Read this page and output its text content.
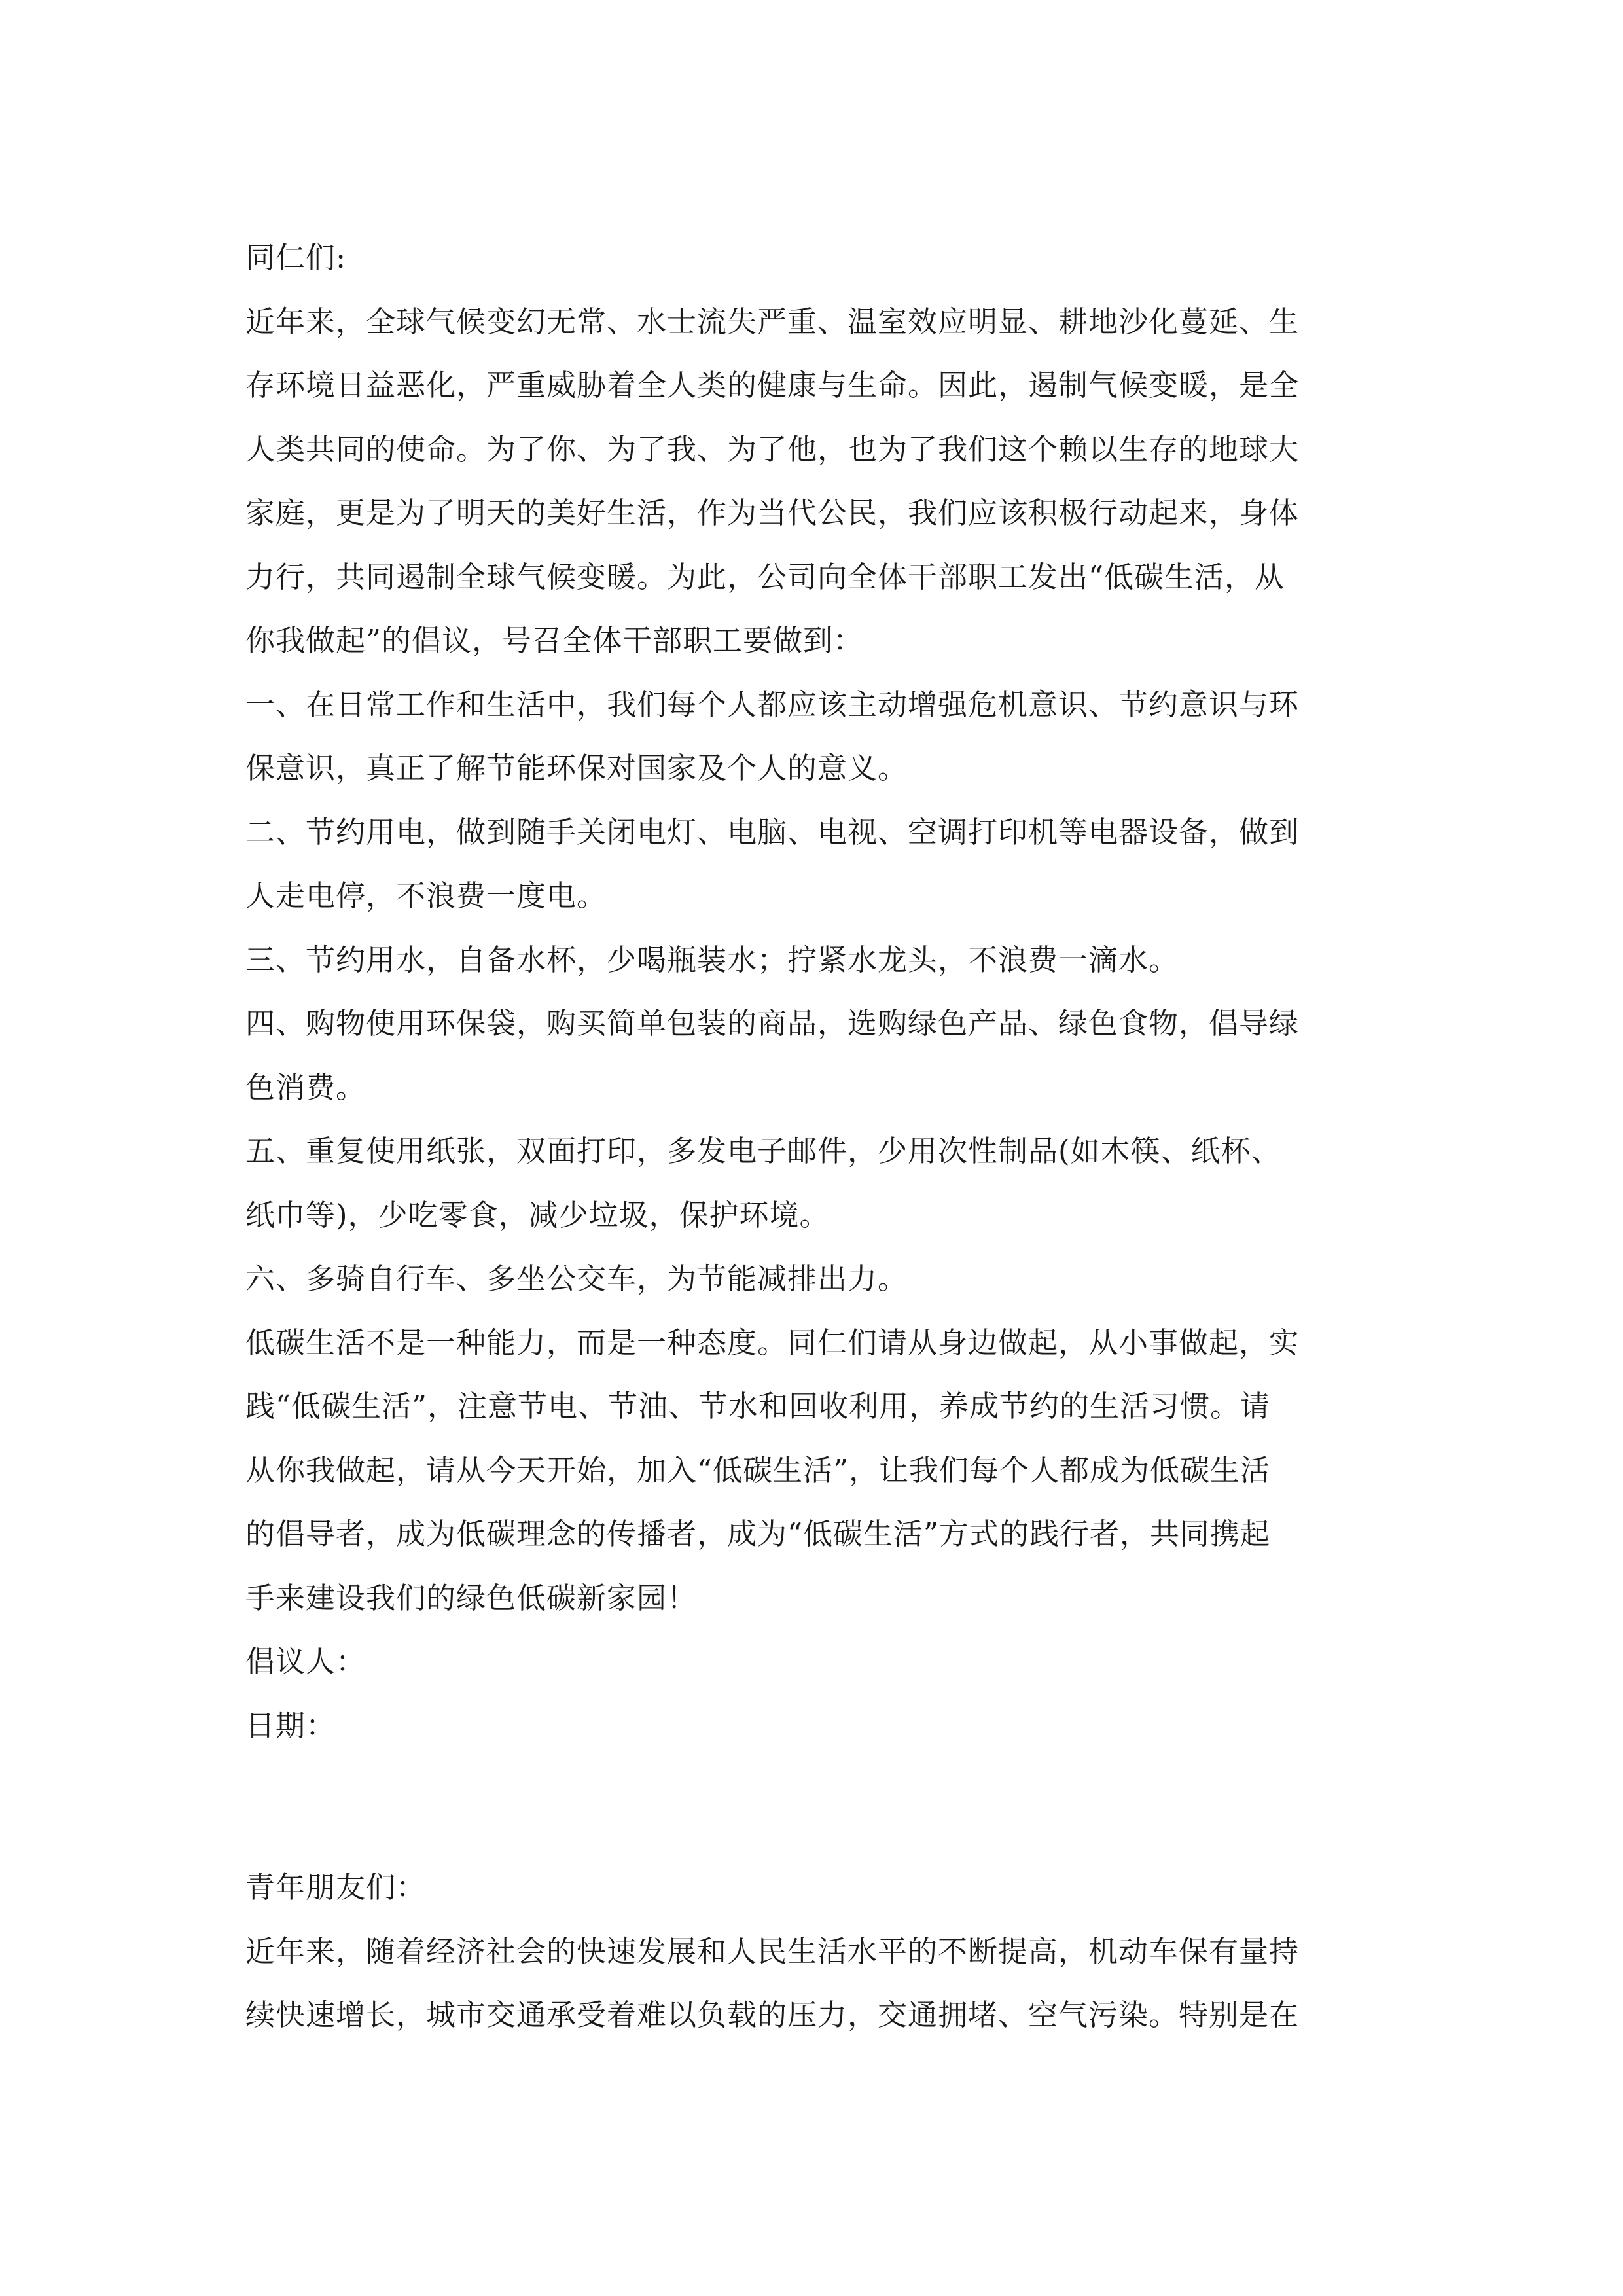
同仁们:
近年来，全球气候变幻无常、水士流失严重、温室效应明显、耕地沙化蔓延、生
存环境日益恶化，严重威胁着全人类的健康与生命。因此，遏制气候变暖，是全
人类共同的使命。为了你、为了我、为了他，也为了我们这个赖以生存的地球大
家庭，更是为了明天的美好生活，作为当代公民，我们应该积极行动起来，身体
力行，共同遏制全球气候变暖。为此，公司向全体干部职工发出“低碳生活，从
你我做起”的倡议，号召全体干部职工要做到：
一、在日常工作和生活中，我们每个人都应该主动增强危机意识、节约意识与环
保意识，真正了解节能环保对国家及个人的意义。
二、节约用电，做到随手关闭电灯、电脑、电视、空调打印机等电器设备，做到
人走电停，不浪费一度电。
三、节约用水，自备水杯，少喝瓶装水；拧紧水龙头，不浪费一滴水。
四、购物使用环保袋，购买简单包装的商品，选购绿色产品、绿色食物，倡导绿
色消费。
五、重复使用纸张，双面打印，多发电子邮件，少用次性制品(如木筷、纸杯、
纸巾等)，少吃零食，减少垃圾，保护环境。
六、多骑自行车、多坐公交车，为节能减排出力。
低碳生活不是一种能力，而是一种态度。同仁们请从身边做起，从小事做起，实
践“低碳生活”，注意节电、节油、节水和回收利用，养成节约的生活习惯。请
从你我做起，请从今天开始，加入“低碳生活”，让我们每个人都成为低碳生活
的倡导者，成为低碳理念的传播者，成为“低碳生活”方式的践行者，共同携起
手来建设我们的绿色低碳新家园！
倡议人：
日期：
青年朋友们：
近年来，随着经济社会的快速发展和人民生活水平的不断提高，机动车保有量持
续快速增长，城市交通承受着难以负载的压力，交通拥堵、空气污染。特别是在
